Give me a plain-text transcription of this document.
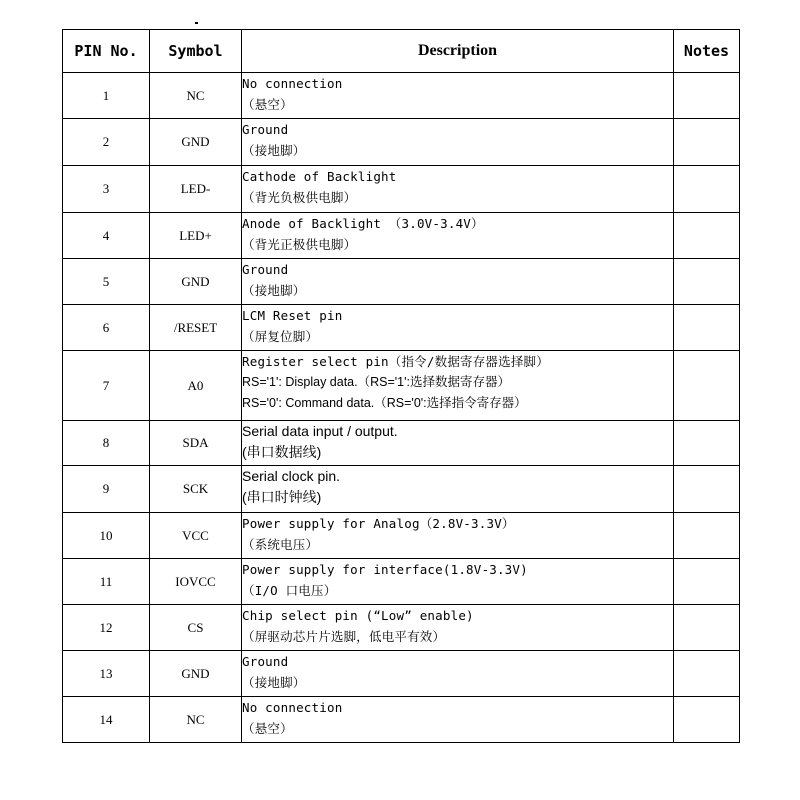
PIN No.	Symbol	Description	Notes
1	NC	No connection
（悬空）	

2	GND	Ground
（接地脚）	

3	LED-	Cathode of Backlight
（背光负极供电脚）	

4	LED+	Anode of Backlight （3.0V-3.4V）
（背光正极供电脚）	

5	GND	Ground
（接地脚）	

6	/RESET	LCM Reset pin
（屏复位脚）	

7	A0	Register select pin（指令/数据寄存器选择脚）
RS='1': Display data.（RS='1':选择数据寄存器）
RS='0': Command data.（RS='0':选择指令寄存器）	

8	SDA	Serial data input / output.
(串口数据线)	

9	SCK	Serial clock pin.
(串口时钟线)	

10	VCC	Power supply for Analog（2.8V-3.3V）
（系统电压）	

11	IOVCC	Power supply for interface(1.8V-3.3V)
（I/O 口电压）	

12	CS	Chip select pin (“Low” enable)
（屏驱动芯片片选脚，低电平有效）	

13	GND	Ground
（接地脚）	

14	NC	No connection
（悬空）	
